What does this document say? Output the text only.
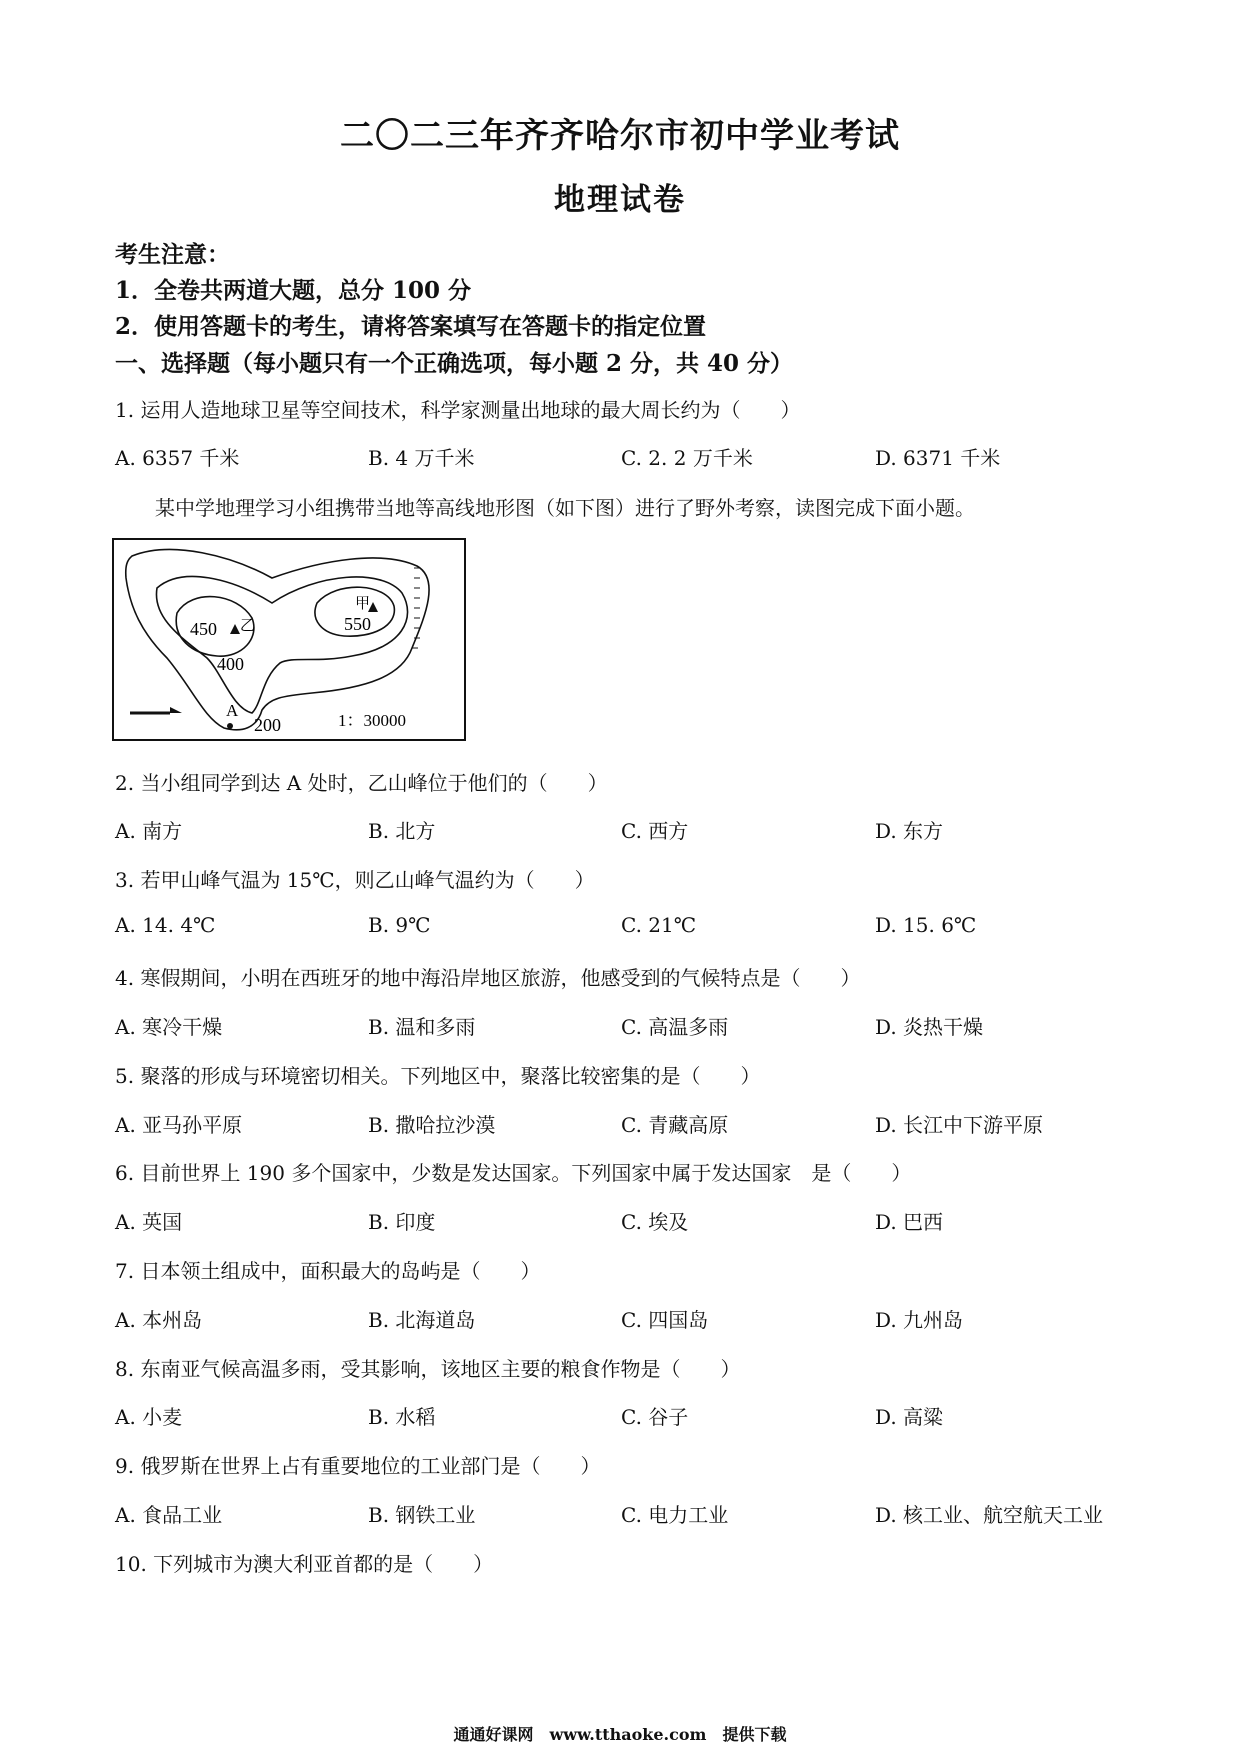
二〇二三年齐齐哈尔市初中学业考试
地理试卷
考生注意：
1．全卷共两道大题，总分 100 分
2．使用答题卡的考生，请将答案填写在答题卡的指定位置
一、选择题（每小题只有一个正确选项，每小题 2 分，共 40 分）
1. 运用人造地球卫星等空间技术，科学家测量出地球的最大周长约为（　　）
A. 6357 千米	B. 4 万千米	C. 2. 2 万千米	D. 6371 千米
某中学地理学习小组携带当地等高线地形图（如下图）进行了野外考察，读图完成下面小题。
450 乙
甲
550
400
200
A
1：30000
2. 当小组同学到达 A 处时，乙山峰位于他们的（　　）
A. 南方	B. 北方	C. 西方	D. 东方
3. 若甲山峰气温为 15℃，则乙山峰气温约为（　　）
A. 14. 4℃	B. 9℃	C. 21℃	D. 15. 6℃
4. 寒假期间，小明在西班牙的地中海沿岸地区旅游，他感受到的气候特点是（　　）
A. 寒冷干燥	B. 温和多雨	C. 高温多雨	D. 炎热干燥
5. 聚落的形成与环境密切相关。下列地区中，聚落比较密集的是（　　）
A. 亚马孙平原	B. 撒哈拉沙漠	C. 青藏高原	D. 长江中下游平原
6. 目前世界上 190 多个国家中，少数是发达国家。下列国家中属于发达国家　是（　　）
A. 英国	B. 印度	C. 埃及	D. 巴西
7. 日本领土组成中，面积最大的岛屿是（　　）
A. 本州岛	B. 北海道岛	C. 四国岛	D. 九州岛
8. 东南亚气候高温多雨，受其影响，该地区主要的粮食作物是（　　）
A. 小麦	B. 水稻	C. 谷子	D. 高粱
9. 俄罗斯在世界上占有重要地位的工业部门是（　　）
A. 食品工业	B. 钢铁工业	C. 电力工业	D. 核工业、航空航天工业
10. 下列城市为澳大利亚首都的是（　　）
通通好课网　www.tthaoke.com　提供下载
